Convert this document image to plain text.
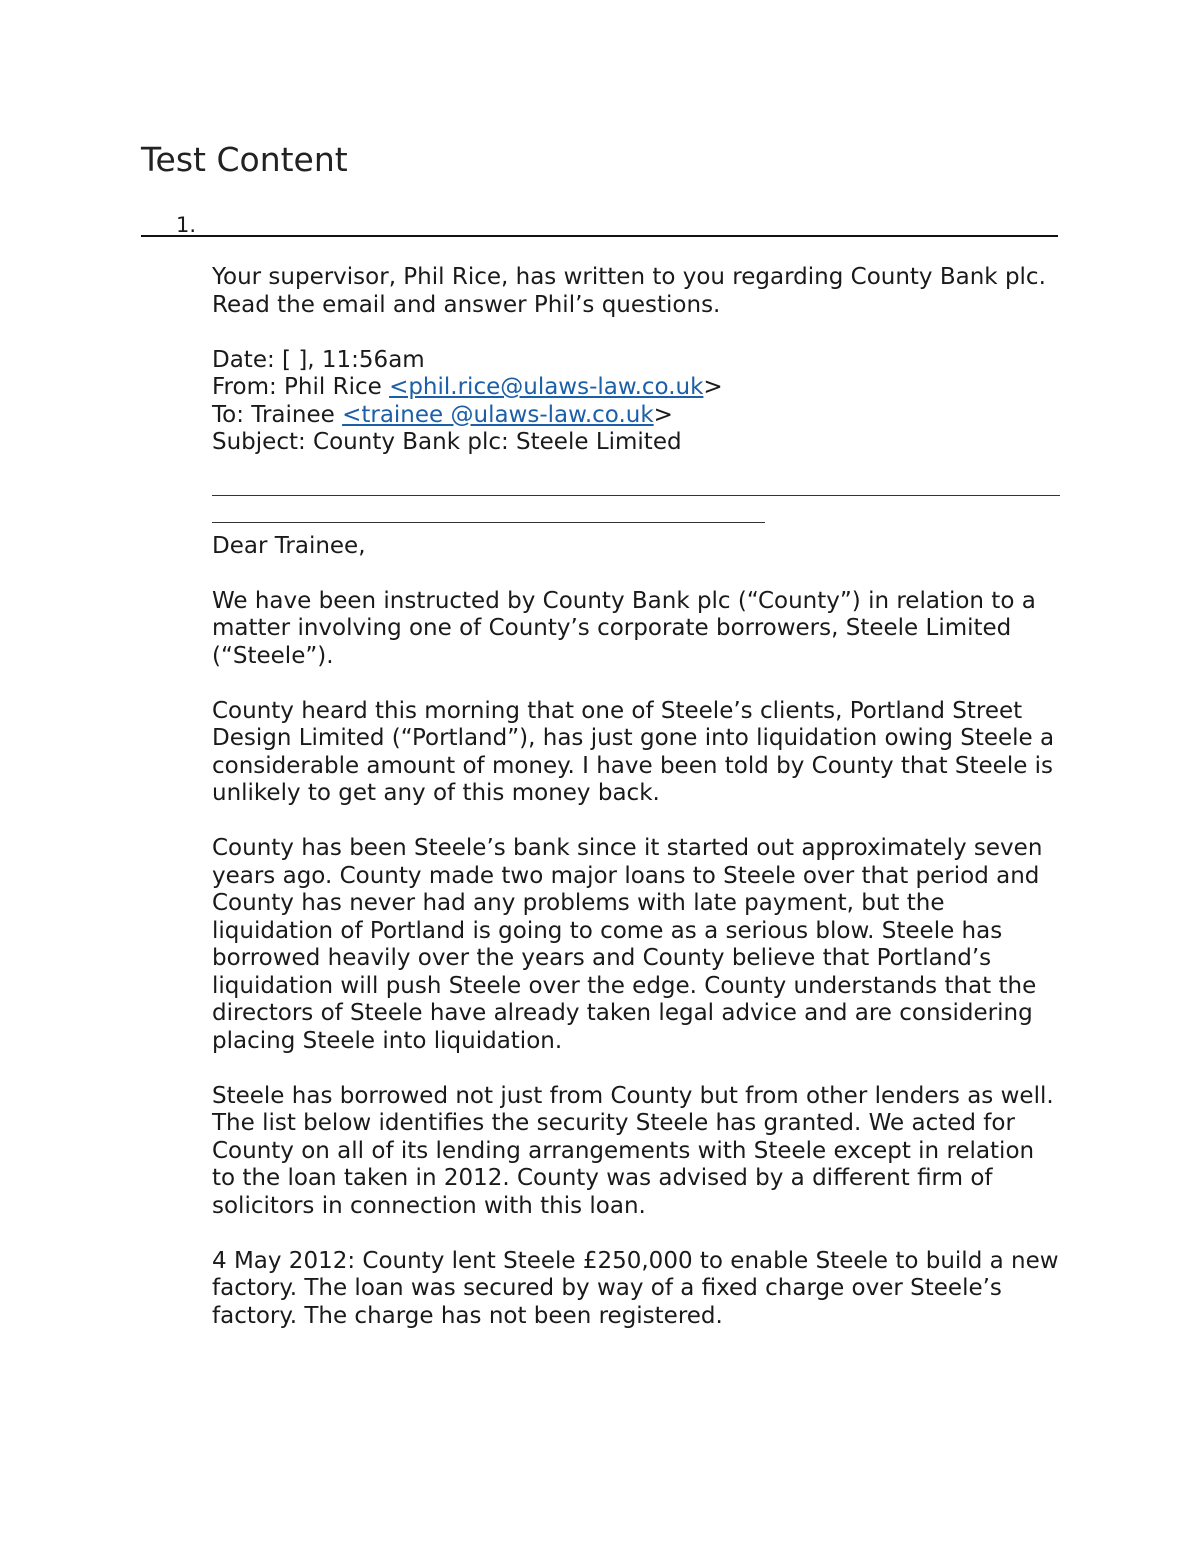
Test Content
1.

Your supervisor, Phil Rice, has written to you regarding County Bank plc. Read the email and answer Phil’s questions.

Date: [ ], 11:56am
From: Phil Rice <phil.rice@ulaws-law.co.uk>
To: Trainee <trainee @ulaws-law.co.uk>
Subject: County Bank plc: Steele Limited

Dear Trainee,

We have been instructed by County Bank plc (“County”) in relation to a matter involving one of County’s corporate borrowers, Steele Limited (“Steele”).

County heard this morning that one of Steele’s clients, Portland Street Design Limited (“Portland”), has just gone into liquidation owing Steele a considerable amount of money. I have been told by County that Steele is unlikely to get any of this money back.

County has been Steele’s bank since it started out approximately seven years ago. County made two major loans to Steele over that period and County has never had any problems with late payment, but the liquidation of Portland is going to come as a serious blow. Steele has borrowed heavily over the years and County believe that Portland’s liquidation will push Steele over the edge. County understands that the directors of Steele have already taken legal advice and are considering placing Steele into liquidation.

Steele has borrowed not just from County but from other lenders as well. The list below identifies the security Steele has granted. We acted for County on all of its lending arrangements with Steele except in relation to the loan taken in 2012. County was advised by a different firm of solicitors in connection with this loan.

4 May 2012: County lent Steele £250,000 to enable Steele to build a new factory. The loan was secured by way of a fixed charge over Steele’s factory. The charge has not been registered.
